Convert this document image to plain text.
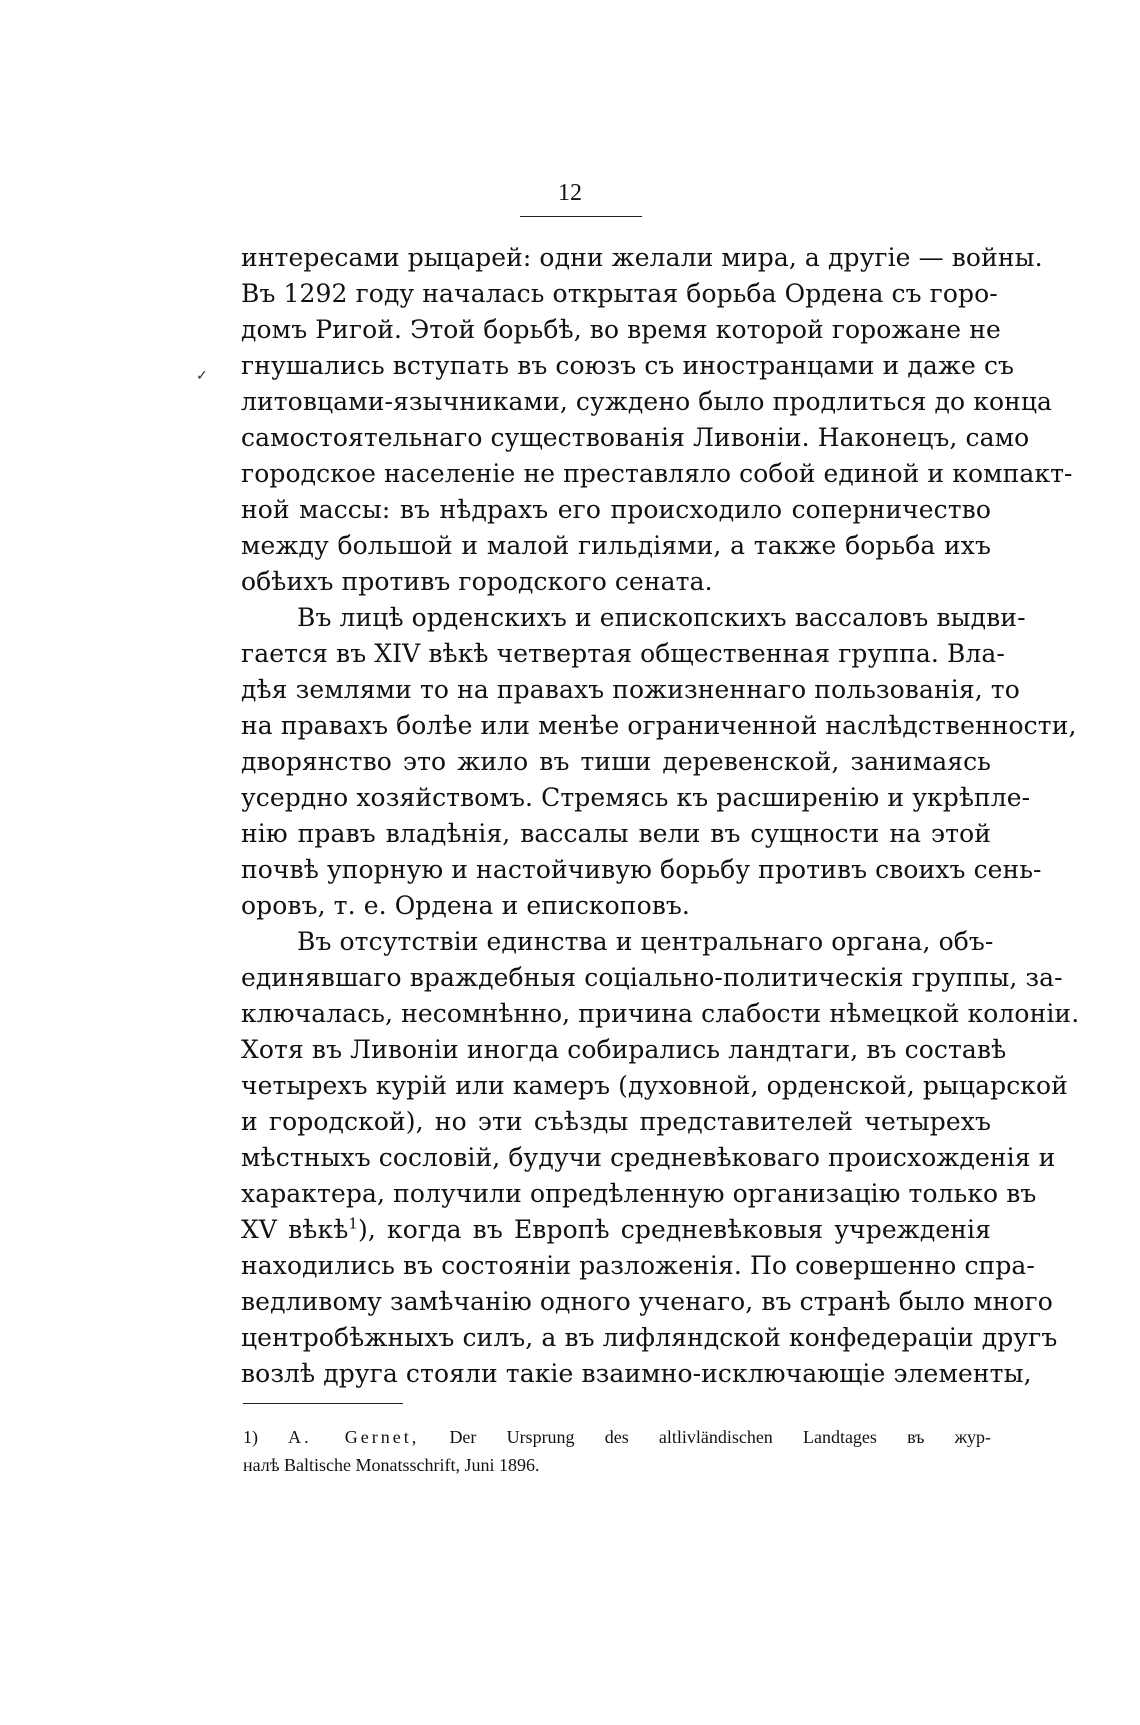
12
✓
интересами рыцарей: одни желали мира, а другіе — войны.
Въ 1292 году началась открытая борьба Ордена съ горо-
домъ Ригой. Этой борьбѣ, во время которой горожане не
гнушались вступать въ союзъ съ иностранцами и даже съ
литовцами-язычниками, суждено было продлиться до конца
самостоятельнаго существованія Ливоніи. Наконецъ, само
городское населеніе не преставляло собой единой и компакт-
ной массы: въ нѣдрахъ его происходило соперничество
между большой и малой гильдіями, а также борьба ихъ
обѣихъ противъ городского сената.
Въ лицѣ орденскихъ и епископскихъ вассаловъ выдви-
гается въ XIV вѣкѣ четвертая общественная группа. Вла-
дѣя землями то на правахъ пожизненнаго пользованія, то
на правахъ болѣе или менѣе ограниченной наслѣдственности,
дворянство это жило въ тиши деревенской, занимаясь
усердно хозяйствомъ. Стремясь къ расширенію и укрѣпле-
нію правъ владѣнія, вассалы вели въ сущности на этой
почвѣ упорную и настойчивую борьбу противъ своихъ сень-
оровъ, т. е. Ордена и епископовъ.
Въ отсутствіи единства и центральнаго органа, объ-
единявшаго враждебныя соціально-политическія группы, за-
ключалась, несомнѣнно, причина слабости нѣмецкой колоніи.
Хотя въ Ливоніи иногда собирались ландтаги, въ составѣ
четырехъ курій или камеръ (духовной, орденской, рыцарской
и городской), но эти съѣзды представителей четырехъ
мѣстныхъ сословій, будучи средневѣковаго происхожденія и
характера, получили опредѣленную организацію только въ
XV вѣкѣ$^1$), когда въ Европѣ средневѣковыя учрежденія
находились въ состояніи разложенія. По совершенно спра-
ведливому замѣчанію одного ученаго, въ странѣ было много
центробѣжныхъ силъ, а въ лифляндской конфедераціи другъ
возлѣ друга стояли такіе взаимно-исключающіе элементы,
1) A. Gernet, Der Ursprung des altlivländischen Landtages въ жур-
налѣ Baltische Monatsschrift, Juni 1896.
